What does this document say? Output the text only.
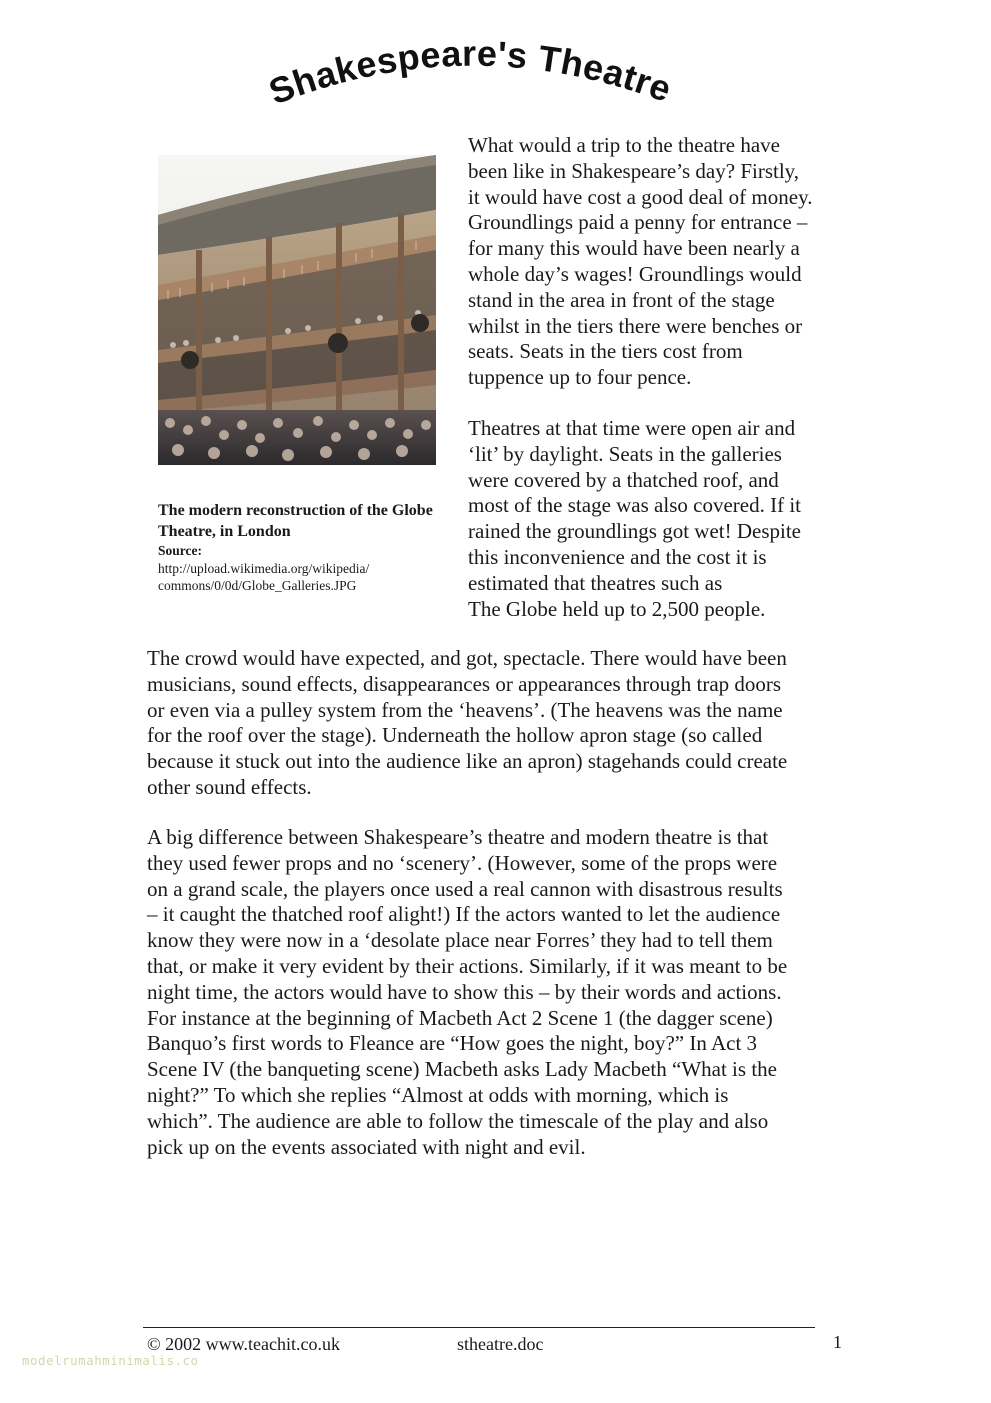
Shakespeare's Theatre

The modern reconstruction of the Globe Theatre, in London

Source:

http://upload.wikimedia.org/wikipedia/
commons/0/0d/Globe_Galleries.JPG

What would a trip to the theatre have
been like in Shakespeare’s day? Firstly,
it would have cost a good deal of money.
Groundlings paid a penny for entrance –
for many this would have been nearly a
whole day’s wages! Groundlings would
stand in the area in front of the stage
whilst in the tiers there were benches or
seats. Seats in the tiers cost from
tuppence up to four pence.

Theatres at that time were open air and
‘lit’ by daylight. Seats in the galleries
were covered by a thatched roof, and
most of the stage was also covered. If it
rained the groundlings got wet! Despite
this inconvenience and the cost it is
estimated that theatres such as
The Globe held up to 2,500 people.

The crowd would have expected, and got, spectacle. There would have been
musicians, sound effects, disappearances or appearances through trap doors
or even via a pulley system from the ‘heavens’. (The heavens was the name
for the roof over the stage). Underneath the hollow apron stage (so called
because it stuck out into the audience like an apron) stagehands could create
other sound effects.

A big difference between Shakespeare’s theatre and modern theatre is that
they used fewer props and no ‘scenery’. (However, some of the props were
on a grand scale, the players once used a real cannon with disastrous results
– it caught the thatched roof alight!) If the actors wanted to let the audience
know they were now in a ‘desolate place near Forres’ they had to tell them
that, or make it very evident by their actions. Similarly, if it was meant to be
night time, the actors would have to show this – by their words and actions.
For instance at the beginning of Macbeth Act 2 Scene 1 (the dagger scene)
Banquo’s first words to Fleance are “How goes the night, boy?” In Act 3
Scene IV (the banqueting scene) Macbeth asks Lady Macbeth “What is the
night?” To which she replies “Almost at odds with morning, which is
which”. The audience are able to follow the timescale of the play and also
pick up on the events associated with night and evil.

© 2002 www.teachit.co.uk	stheatre.doc	1
modelrumahminimalis.co
